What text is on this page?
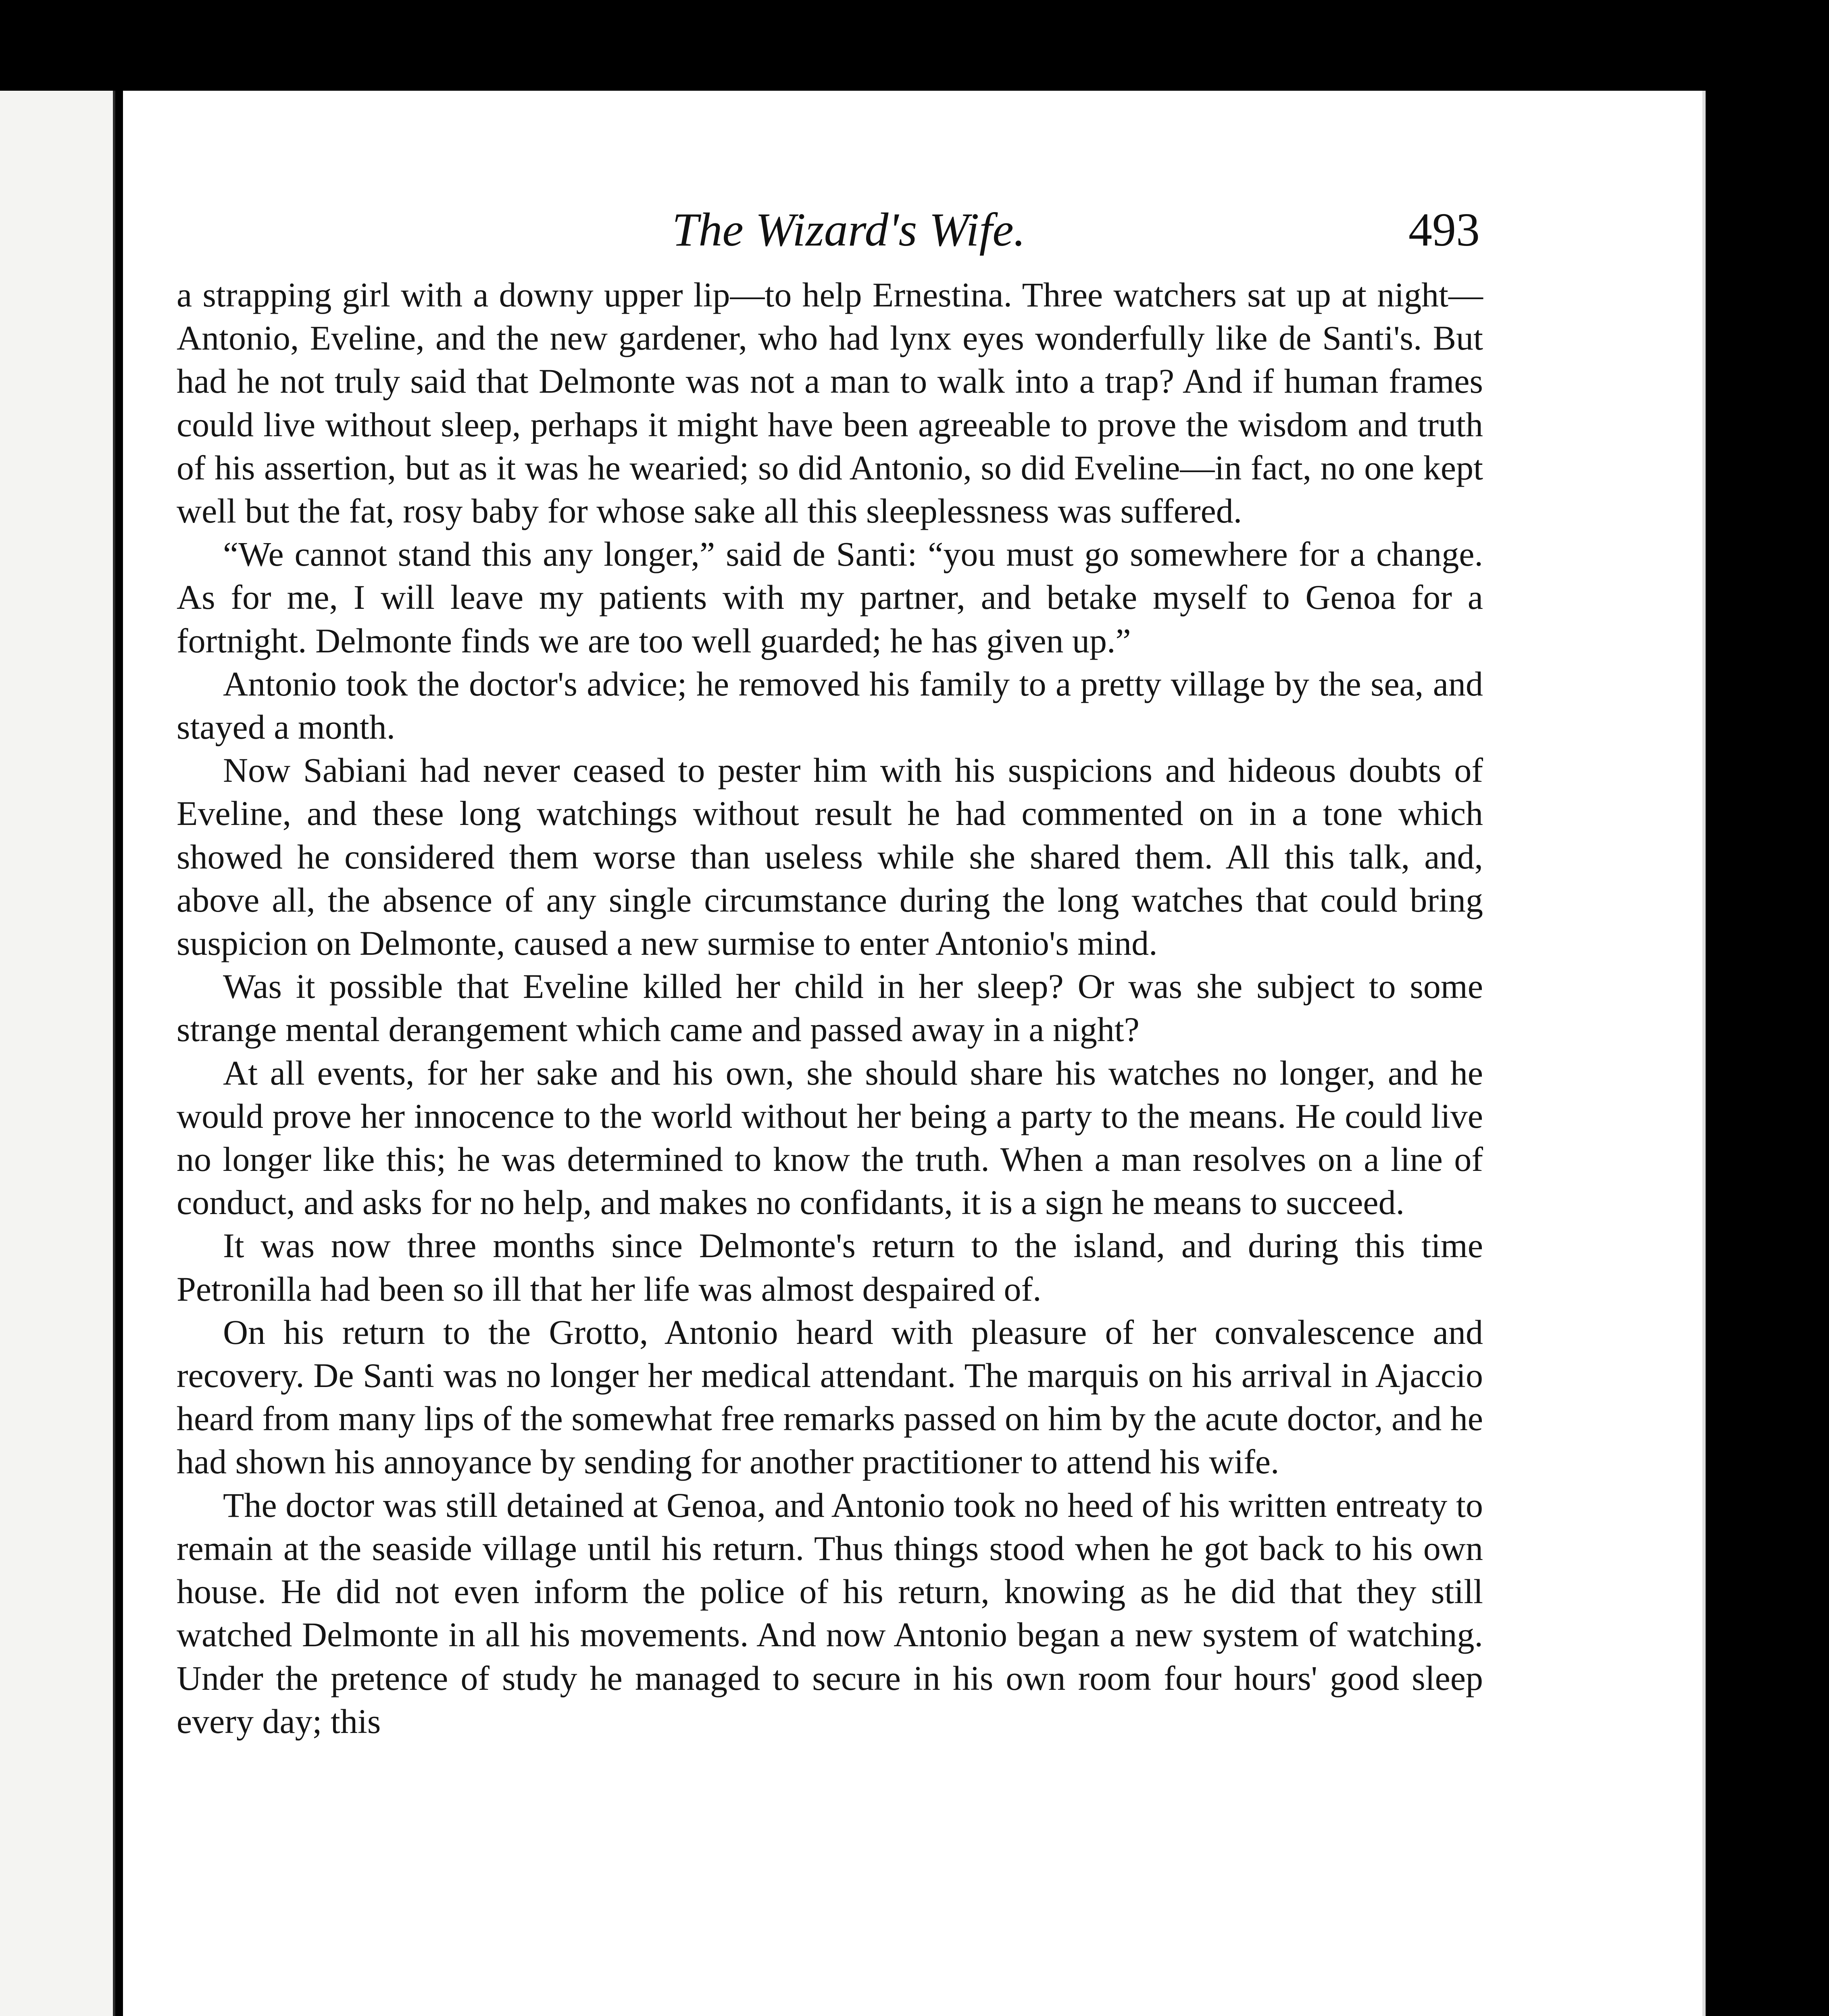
The Wizard's Wife.	493

a strapping girl with a downy upper lip—to help Ernestina. Three watchers sat up at night—Antonio, Eveline, and the new gardener, who had lynx eyes wonderfully like de Santi's. But had he not truly said that Delmonte was not a man to walk into a trap? And if human frames could live without sleep, perhaps it might have been agreeable to prove the wisdom and truth of his assertion, but as it was he wearied; so did Antonio, so did Eveline—in fact, no one kept well but the fat, rosy baby for whose sake all this sleeplessness was suffered.

“We cannot stand this any longer,” said de Santi: “you must go somewhere for a change. As for me, I will leave my patients with my partner, and betake myself to Genoa for a fortnight. Delmonte finds we are too well guarded; he has given up.”

Antonio took the doctor's advice; he removed his family to a pretty village by the sea, and stayed a month.

Now Sabiani had never ceased to pester him with his suspicions and hideous doubts of Eveline, and these long watchings without result he had commented on in a tone which showed he considered them worse than useless while she shared them. All this talk, and, above all, the absence of any single circumstance during the long watches that could bring suspicion on Delmonte, caused a new surmise to enter Antonio's mind.

Was it possible that Eveline killed her child in her sleep? Or was she subject to some strange mental derangement which came and passed away in a night?

At all events, for her sake and his own, she should share his watches no longer, and he would prove her innocence to the world without her being a party to the means. He could live no longer like this; he was determined to know the truth. When a man resolves on a line of conduct, and asks for no help, and makes no confidants, it is a sign he means to succeed.

It was now three months since Delmonte's return to the island, and during this time Petronilla had been so ill that her life was almost despaired of.

On his return to the Grotto, Antonio heard with pleasure of her convalescence and recovery. De Santi was no longer her medical attendant. The marquis on his arrival in Ajaccio heard from many lips of the somewhat free remarks passed on him by the acute doctor, and he had shown his annoyance by sending for another practitioner to attend his wife.

The doctor was still detained at Genoa, and Antonio took no heed of his written entreaty to remain at the seaside village until his return. Thus things stood when he got back to his own house. He did not even inform the police of his return, knowing as he did that they still watched Delmonte in all his movements. And now Antonio began a new system of watching. Under the pretence of study he managed to secure in his own room four hours' good sleep every day; this
